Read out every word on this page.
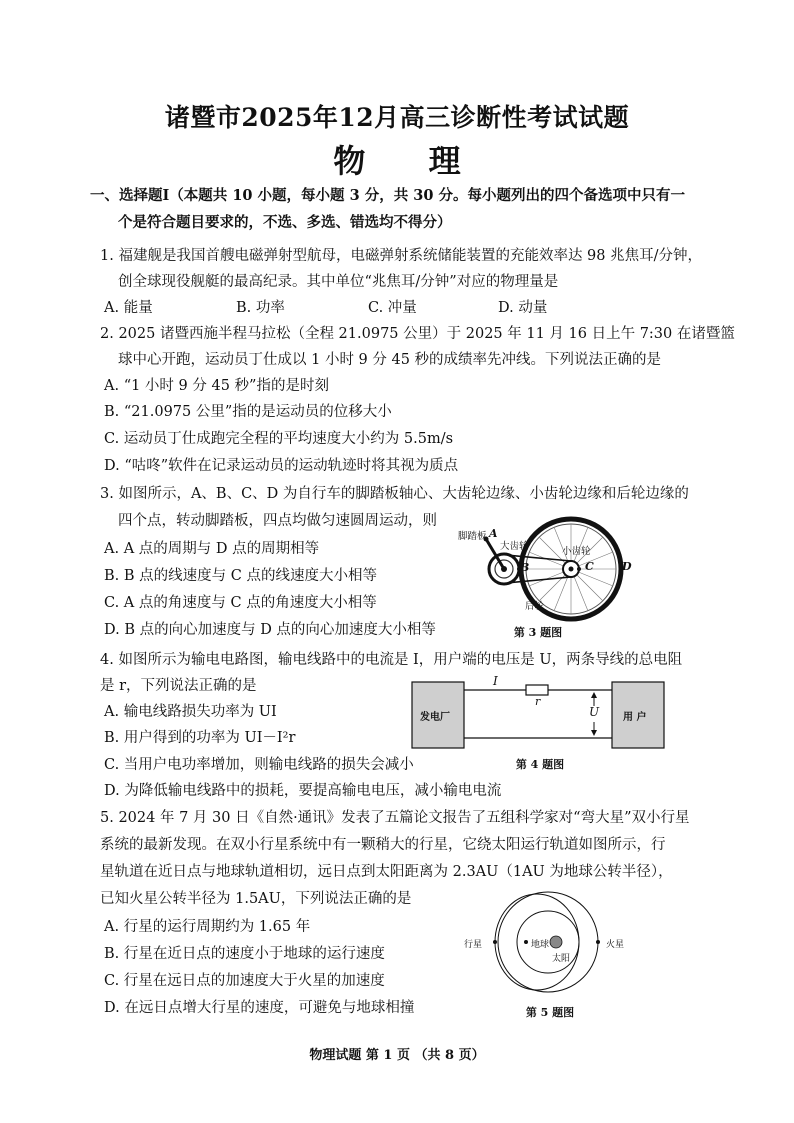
诸暨市2025年12月高三诊断性考试试题
物 理
一、选择题Ⅰ（本题共 10 小题，每小题 3 分，共 30 分。每小题列出的四个备选项中只有一
个是符合题目要求的，不选、多选、错选均不得分）
1. 福建舰是我国首艘电磁弹射型航母，电磁弹射系统储能装置的充能效率达 98 兆焦耳/分钟，
创全球现役舰艇的最高纪录。其中单位“兆焦耳/分钟”对应的物理量是
A. 能量	B. 功率	C. 冲量	D. 动量
2. 2025 诸暨西施半程马拉松（全程 21.0975 公里）于 2025 年 11 月 16 日上午 7:30 在诸暨篮
球中心开跑，运动员丁仕成以 1 小时 9 分 45 秒的成绩率先冲线。下列说法正确的是
A. “1 小时 9 分 45 秒”指的是时刻
B. “21.0975 公里”指的是运动员的位移大小
C. 运动员丁仕成跑完全程的平均速度大小约为 5.5m/s
D. “咕咚”软件在记录运动员的运动轨迹时将其视为质点
3. 如图所示，A、B、C、D 为自行车的脚踏板轴心、大齿轮边缘、小齿轮边缘和后轮边缘的
四个点，转动脚踏板，四点均做匀速圆周运动，则
A. A 点的周期与 D 点的周期相等
B. B 点的线速度与 C 点的线速度大小相等
C. A 点的角速度与 C 点的角速度大小相等
D. B 点的向心加速度与 D 点的向心加速度大小相等
脚踏板 A
大齿轮	小齿轮
B	C	D
后轮
第 3 题图
4. 如图所示为输电电路图，输电线路中的电流是 I，用户端的电压是 U，两条导线的总电阻
是 r，下列说法正确的是
A. 输电线路损失功率为 UI
B. 用户得到的功率为 UI－I²r
C. 当用户电功率增加，则输电线路的损失会减小
D. 为降低输电线路中的损耗，要提高输电电压，减小输电电流
发电厂	用 户
I
r
U
第 4 题图
5. 2024 年 7 月 30 日《自然·通讯》发表了五篇论文报告了五组科学家对“弯大星”双小行星
系统的最新发现。在双小行星系统中有一颗稍大的行星，它绕太阳运行轨道如图所示，行
星轨道在近日点与地球轨道相切，远日点到太阳距离为 2.3AU（1AU 为地球公转半径），
已知火星公转半径为 1.5AU，下列说法正确的是
A. 行星的运行周期约为 1.65 年
B. 行星在近日点的速度小于地球的运行速度
C. 行星在远日点的加速度大于火星的加速度
D. 在远日点增大行星的速度，可避免与地球相撞
行星	地球
太阳
火星
第 5 题图
物理试题 第 1 页 （共 8 页）
